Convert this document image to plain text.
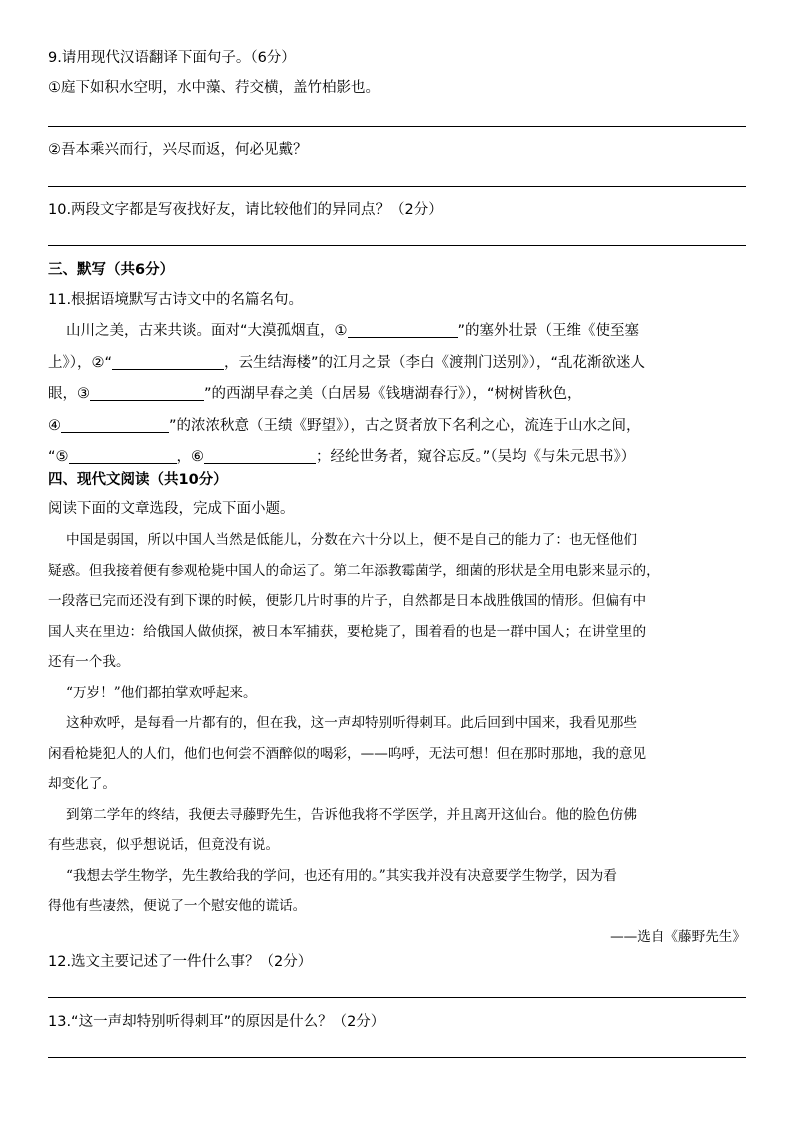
9.请用现代汉语翻译下面句子。（6分）
①庭下如积水空明，水中藻、荇交横，盖竹柏影也。
②吾本乘兴而行，兴尽而返，何必见戴？
10.两段文字都是写夜找好友，请比较他们的异同点？（2分）
三、默写（共6分）
11.根据语境默写古诗文中的名篇名句。
山川之美，古来共谈。面对“大漠孤烟直，①	”的塞外壮景（王维《使至塞
上》），②“	，云生结海楼”的江月之景（李白《渡荆门送别》），“乱花渐欲迷人
眼，③	”的西湖早春之美（白居易《钱塘湖春行》），“树树皆秋色，
④	”的浓浓秋意（王绩《野望》），古之贤者放下名利之心，流连于山水之间，
“⑤	，⑥	；经纶世务者，窥谷忘反。”（吴均《与朱元思书》）
四、现代文阅读（共10分）
阅读下面的文章选段，完成下面小题。
中国是弱国，所以中国人当然是低能儿，分数在六十分以上，便不是自己的能力了：也无怪他们
疑惑。但我接着便有参观枪毙中国人的命运了。第二年添教霉菌学，细菌的形状是全用电影来显示的，
一段落已完而还没有到下课的时候，便影几片时事的片子，自然都是日本战胜俄国的情形。但偏有中
国人夹在里边：给俄国人做侦探，被日本军捕获，要枪毙了，围着看的也是一群中国人；在讲堂里的
还有一个我。
“万岁！”他们都拍掌欢呼起来。
这种欢呼，是每看一片都有的，但在我，这一声却特别听得刺耳。此后回到中国来，我看见那些
闲看枪毙犯人的人们，他们也何尝不酒醉似的喝彩，——呜呼，无法可想！但在那时那地，我的意见
却变化了。
到第二学年的终结，我便去寻藤野先生，告诉他我将不学医学，并且离开这仙台。他的脸色仿佛
有些悲哀，似乎想说话，但竟没有说。
“我想去学生物学，先生教给我的学问，也还有用的。”其实我并没有决意要学生物学，因为看
得他有些凄然，便说了一个慰安他的谎话。
——选自《藤野先生》
12.选文主要记述了一件什么事？（2分）
13.“这一声却特别听得刺耳”的原因是什么？（2分）
